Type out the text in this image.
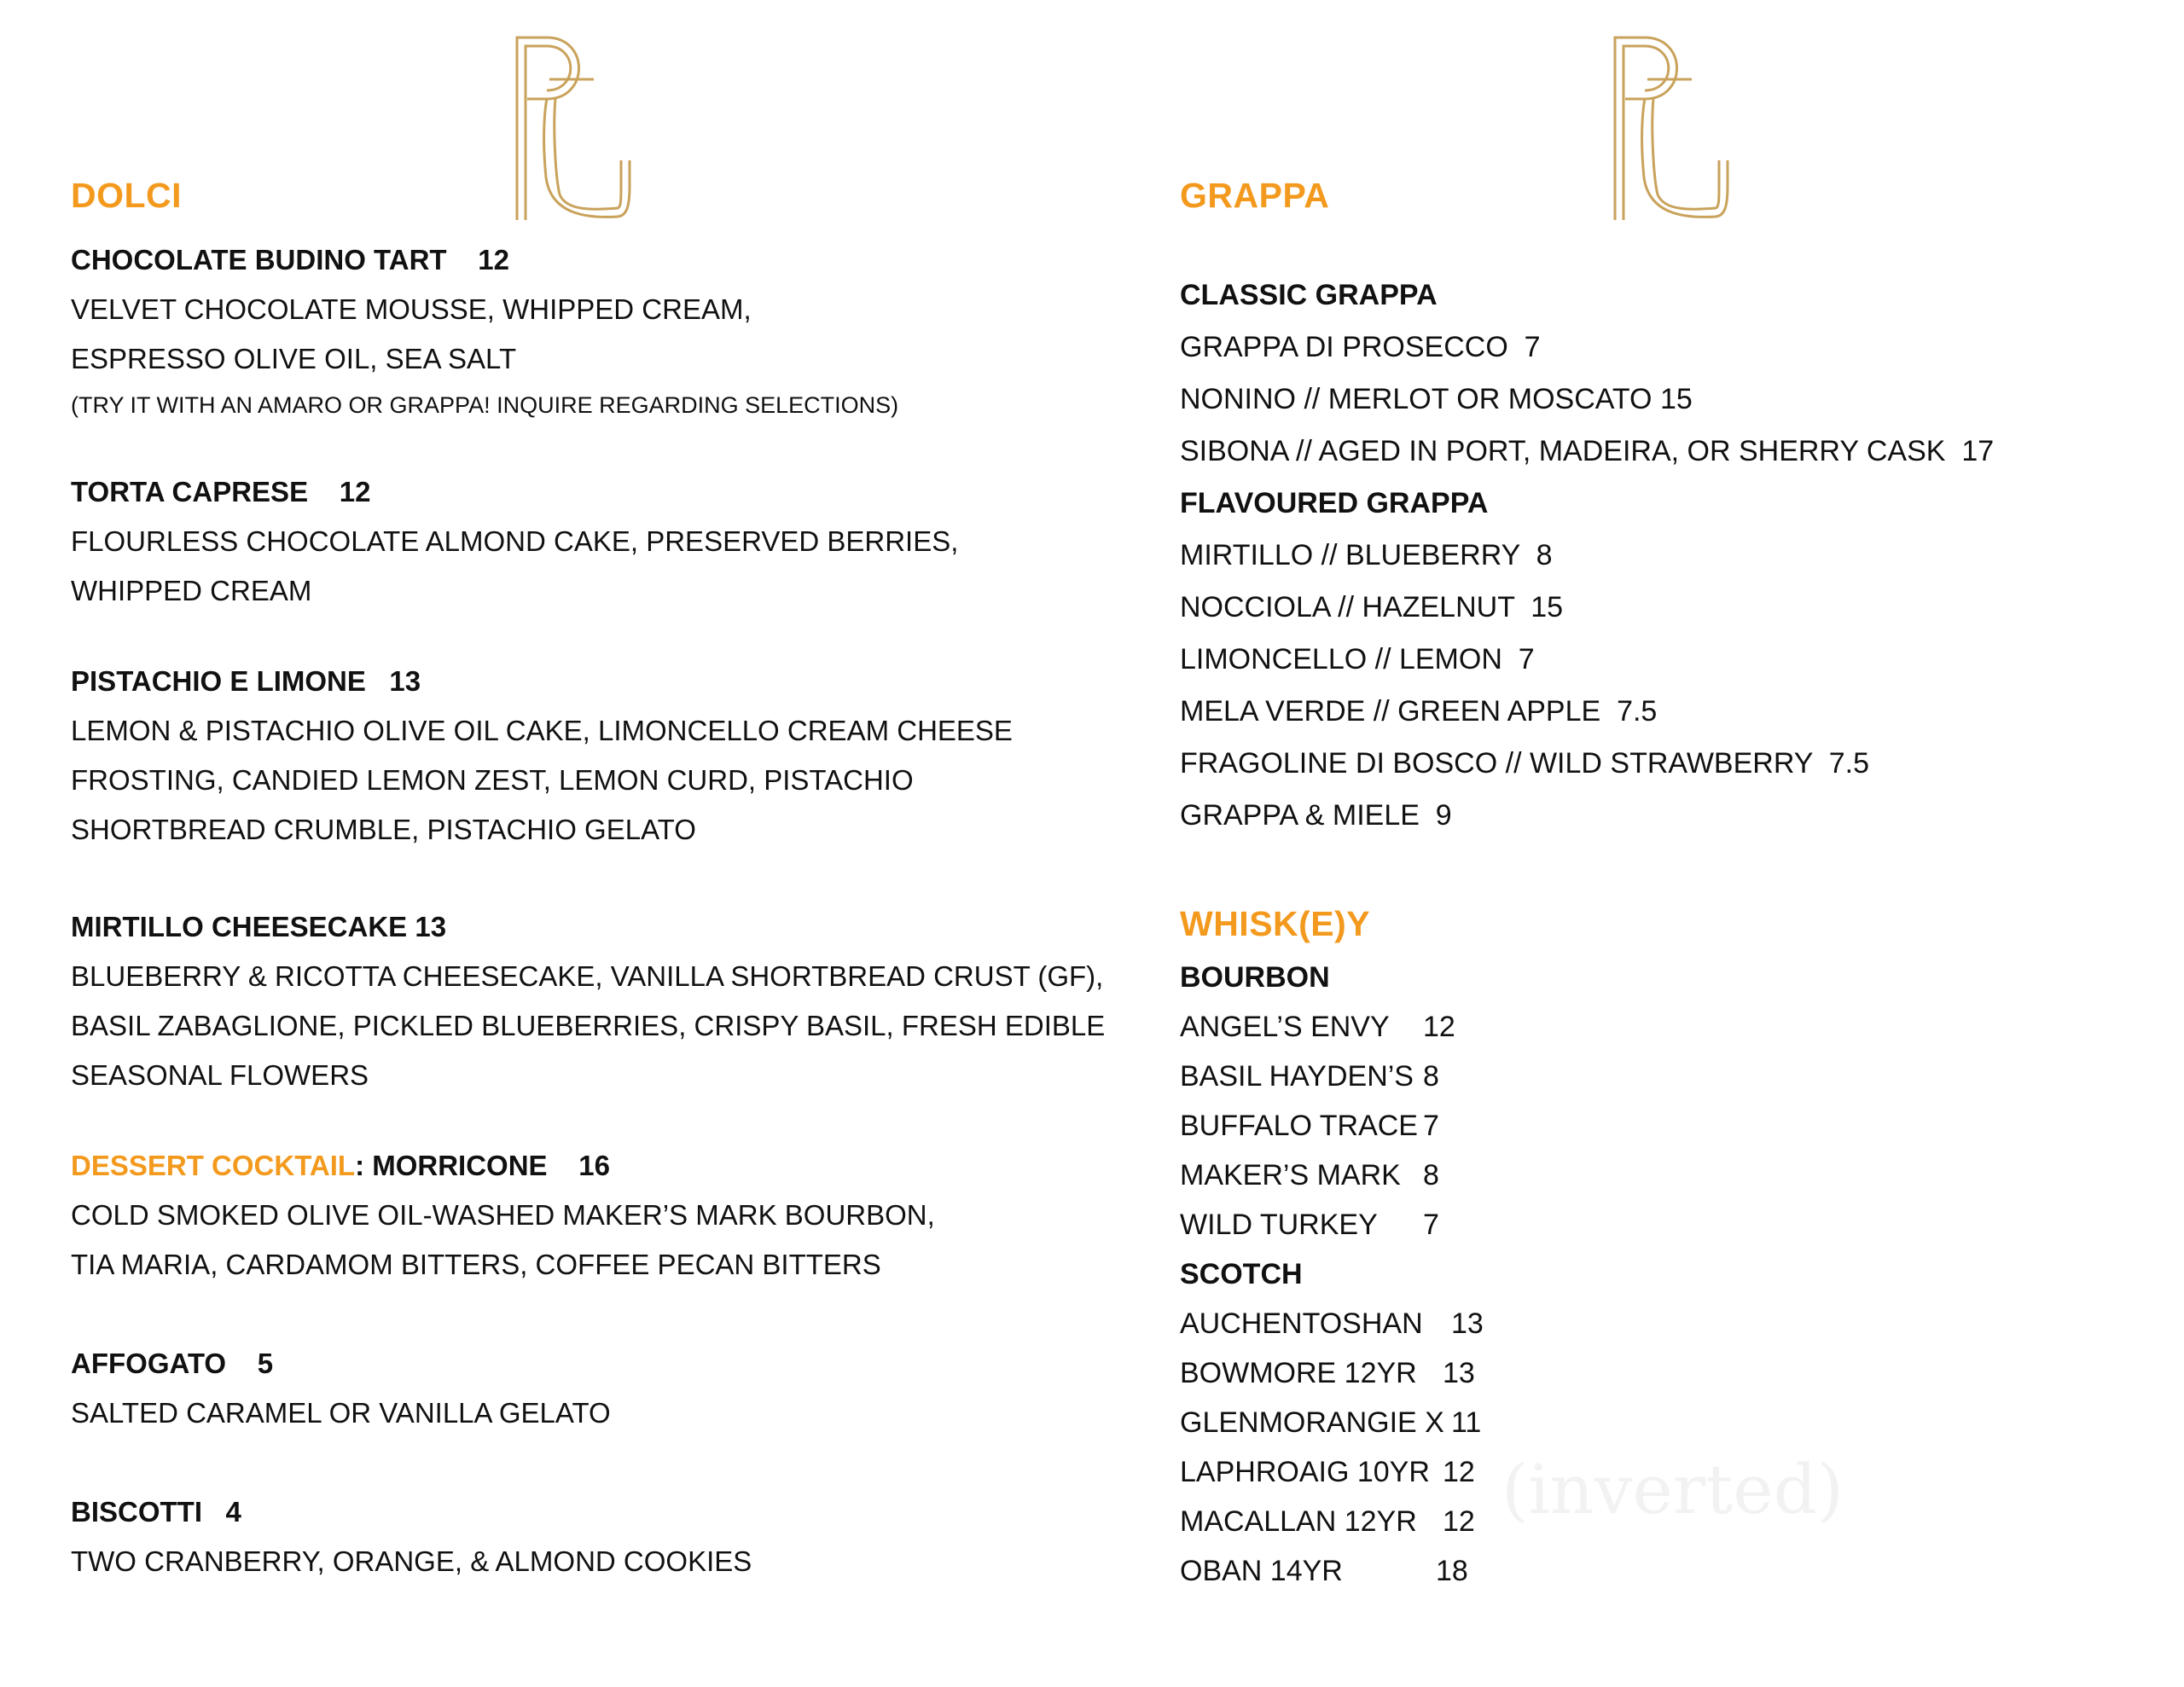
DOLCI
CHOCOLATE BUDINO TART    12
VELVET CHOCOLATE MOUSSE, WHIPPED CREAM,
ESPRESSO OLIVE OIL, SEA SALT
(TRY IT WITH AN AMARO OR GRAPPA! INQUIRE REGARDING SELECTIONS)
TORTA CAPRESE    12
FLOURLESS CHOCOLATE ALMOND CAKE, PRESERVED BERRIES,
WHIPPED CREAM
PISTACHIO E LIMONE   13
LEMON & PISTACHIO OLIVE OIL CAKE, LIMONCELLO CREAM CHEESE
FROSTING, CANDIED LEMON ZEST, LEMON CURD, PISTACHIO
SHORTBREAD CRUMBLE, PISTACHIO GELATO
MIRTILLO CHEESECAKE 13
BLUEBERRY & RICOTTA CHEESECAKE, VANILLA SHORTBREAD CRUST (GF),
BASIL ZABAGLIONE, PICKLED BLUEBERRIES, CRISPY BASIL, FRESH EDIBLE
SEASONAL FLOWERS
DESSERT COCKTAIL: MORRICONE    16
COLD SMOKED OLIVE OIL-WASHED MAKER’S MARK BOURBON,
TIA MARIA, CARDAMOM BITTERS, COFFEE PECAN BITTERS
AFFOGATO    5
SALTED CARAMEL OR VANILLA GELATO
BISCOTTI   4
TWO CRANBERRY, ORANGE, & ALMOND COOKIES
GRAPPA
CLASSIC GRAPPA
GRAPPA DI PROSECCO  7
NONINO // MERLOT OR MOSCATO 15
SIBONA // AGED IN PORT, MADEIRA, OR SHERRY CASK  17
FLAVOURED GRAPPA
MIRTILLO // BLUEBERRY  8
NOCCIOLA // HAZELNUT  15
LIMONCELLO // LEMON  7
MELA VERDE // GREEN APPLE  7.5
FRAGOLINE DI BOSCO // WILD STRAWBERRY  7.5
GRAPPA & MIELE  9
WHISK(E)Y
BOURBON
ANGEL’S ENVY 12
BASIL HAYDEN’S 8
BUFFALO TRACE 7
MAKER’S MARK 8
WILD TURKEY 7
SCOTCH
AUCHENTOSHAN 13
BOWMORE 12YR 13
GLENMORANGIE X 11
LAPHROAIG 10YR 12
MACALLAN 12YR 12
OBAN 14YR	18
(inverted)
